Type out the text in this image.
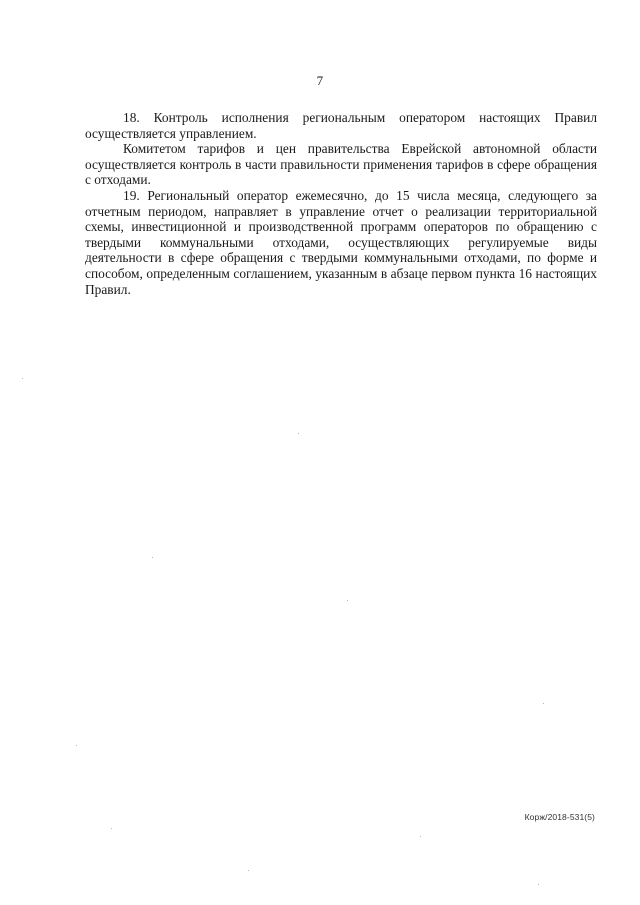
7

18. Контроль исполнения региональным оператором настоящих Правил осуществляется управлением.

Комитетом тарифов и цен правительства Еврейской автономной области осуществляется контроль в части правильности применения тарифов в сфере обращения с отходами.

19. Региональный оператор ежемесячно, до 15 числа месяца, следующего за отчетным периодом, направляет в управление отчет о реализации территориальной схемы, инвестиционной и производственной программ операторов по обращению с твердыми коммунальными отходами, осуществляющих регулируемые виды деятельности в сфере обращения с твердыми коммунальными отходами, по форме и способом, определенным соглашением, указанным в абзаце первом пункта 16 настоящих Правил.

Корж/2018-531(5)
